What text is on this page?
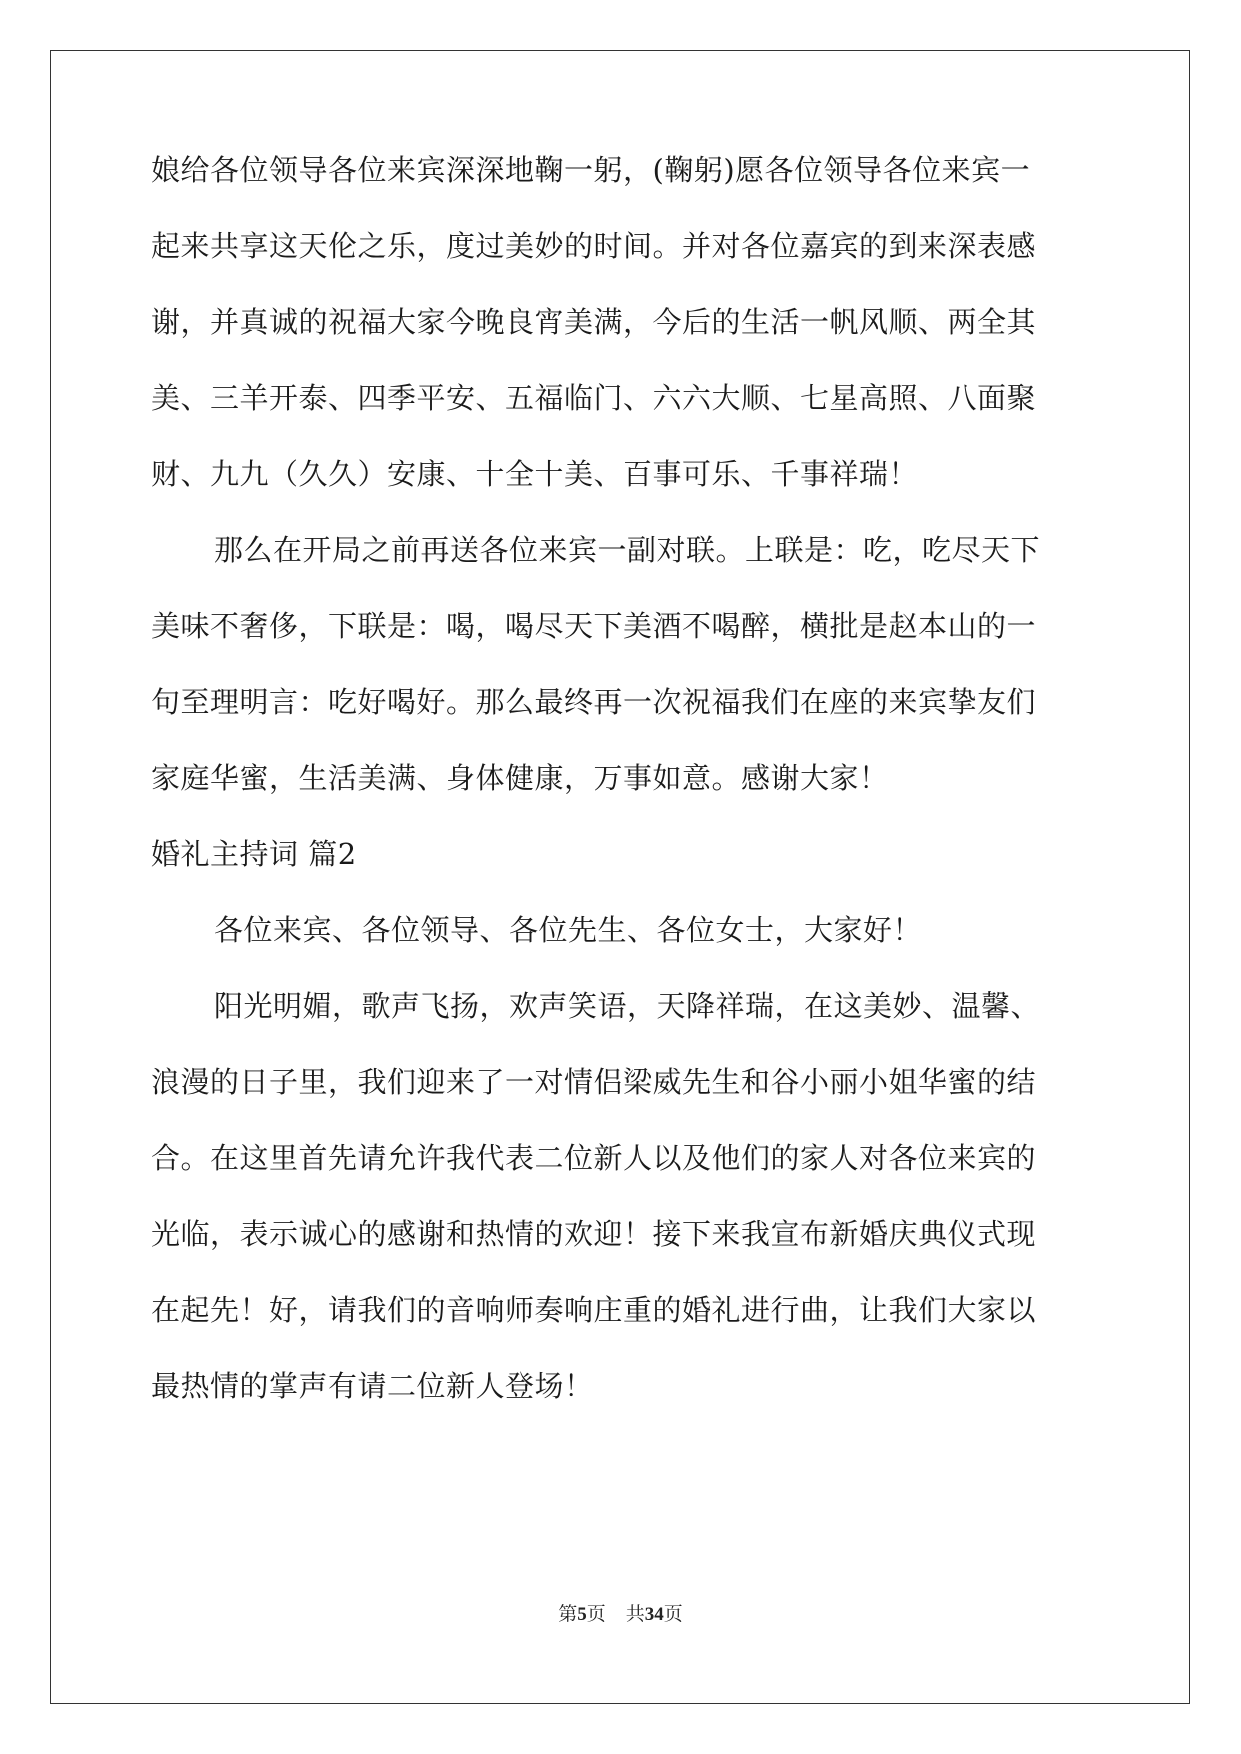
娘给各位领导各位来宾深深地鞠一躬，(鞠躬)愿各位领导各位来宾一
起来共享这天伦之乐，度过美妙的时间。并对各位嘉宾的到来深表感
谢，并真诚的祝福大家今晚良宵美满，今后的生活一帆风顺、两全其
美、三羊开泰、四季平安、五福临门、六六大顺、七星高照、八面聚
财、九九（久久）安康、十全十美、百事可乐、千事祥瑞！
那么在开局之前再送各位来宾一副对联。上联是：吃，吃尽天下
美味不奢侈，下联是：喝，喝尽天下美酒不喝醉，横批是赵本山的一
句至理明言：吃好喝好。那么最终再一次祝福我们在座的来宾挚友们
家庭华蜜，生活美满、身体健康，万事如意。感谢大家！
婚礼主持词 篇2
各位来宾、各位领导、各位先生、各位女士，大家好！
阳光明媚，歌声飞扬，欢声笑语，天降祥瑞，在这美妙、温馨、
浪漫的日子里，我们迎来了一对情侣梁威先生和谷小丽小姐华蜜的结
合。在这里首先请允许我代表二位新人以及他们的家人对各位来宾的
光临，表示诚心的感谢和热情的欢迎！接下来我宣布新婚庆典仪式现
在起先！好，请我们的音响师奏响庄重的婚礼进行曲，让我们大家以
最热情的掌声有请二位新人登场！
第5页 共34页
